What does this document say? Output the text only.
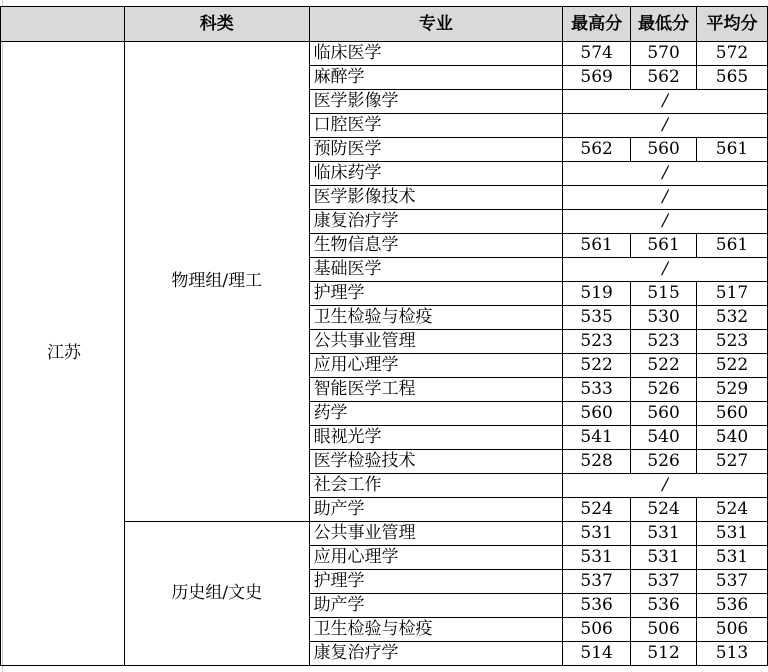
	科类	专业	最高分	最低分	平均分
江苏	物理组/理工	临床医学	574	570	572
		麻醉学	569	562	565
		医学影像学	/		
		口腔医学	/		
		预防医学	562	560	561
		临床药学	/		
		医学影像技术	/		
		康复治疗学	/		
		生物信息学	561	561	561
		基础医学	/		
		护理学	519	515	517
		卫生检验与检疫	535	530	532
		公共事业管理	523	523	523
		应用心理学	522	522	522
		智能医学工程	533	526	529
		药学	560	560	560
		眼视光学	541	540	540
		医学检验技术	528	526	527
		社会工作	/		
		助产学	524	524	524
	历史组/文史	公共事业管理	531	531	531
		应用心理学	531	531	531
		护理学	537	537	537
		助产学	536	536	536
		卫生检验与检疫	506	506	506
		康复治疗学	514	512	513
